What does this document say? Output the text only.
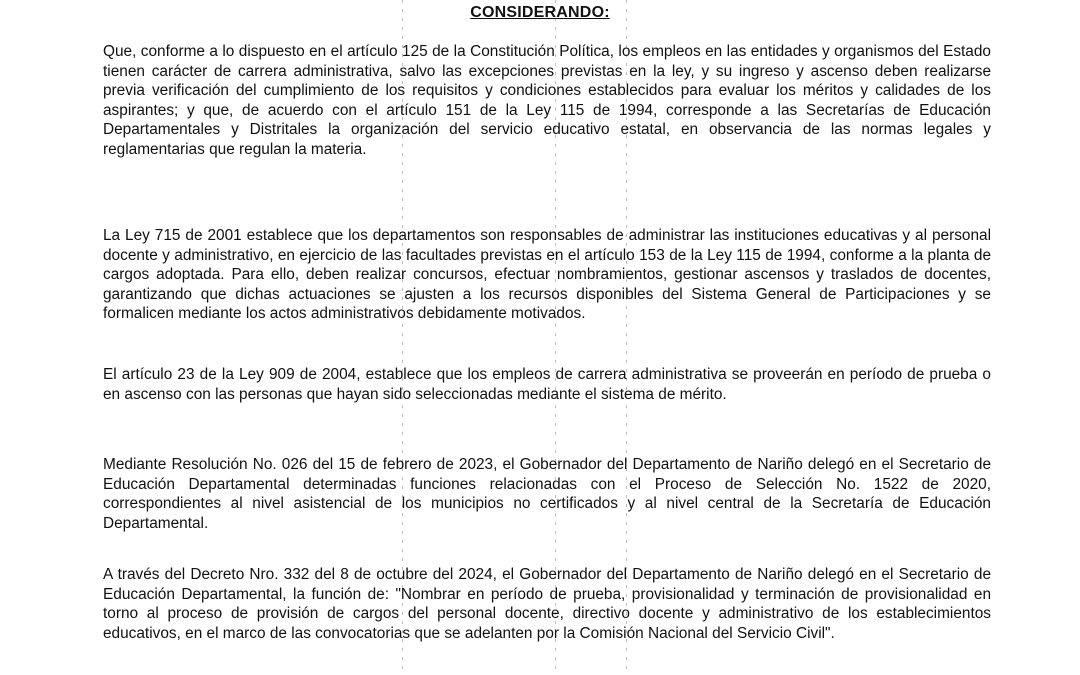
CONSIDERANDO:

Que, conforme a lo dispuesto en el artículo 125 de la Constitución Política, los empleos en las entidades y organismos del Estado tienen carácter de carrera administrativa, salvo las excepciones previstas en la ley, y su ingreso y ascenso deben realizarse previa verificación del cumplimiento de los requisitos y condiciones establecidos para evaluar los méritos y calidades de los aspirantes; y que, de acuerdo con el artículo 151 de la Ley 115 de 1994, corresponde a las Secretarías de Educación Departamentales y Distritales la organización del servicio educativo estatal, en observancia de las normas legales y reglamentarias que regulan la materia.

La Ley 715 de 2001 establece que los departamentos son responsables de administrar las instituciones educativas y al personal docente y administrativo, en ejercicio de las facultades previstas en el artículo 153 de la Ley 115 de 1994, conforme a la planta de cargos adoptada. Para ello, deben realizar concursos, efectuar nombramientos, gestionar ascensos y traslados de docentes, garantizando que dichas actuaciones se ajusten a los recursos disponibles del Sistema General de Participaciones y se formalicen mediante los actos administrativos debidamente motivados.

El artículo 23 de la Ley 909 de 2004, establece que los empleos de carrera administrativa se proveerán en período de prueba o en ascenso con las personas que hayan sido seleccionadas mediante el sistema de mérito.

Mediante Resolución No. 026 del 15 de febrero de 2023, el Gobernador del Departamento de Nariño delegó en el Secretario de Educación Departamental determinadas funciones relacionadas con el Proceso de Selección No. 1522 de 2020, correspondientes al nivel asistencial de los municipios no certificados y al nivel central de la Secretaría de Educación Departamental.

A través del Decreto Nro. 332 del 8 de octubre del 2024, el Gobernador del Departamento de Nariño delegó en el Secretario de Educación Departamental, la función de: "Nombrar en período de prueba, provisionalidad y terminación de provisionalidad en torno al proceso de provisión de cargos del personal docente, directivo docente y administrativo de los establecimientos educativos, en el marco de las convocatorias que se adelanten por la Comisión Nacional del Servicio Civil".
